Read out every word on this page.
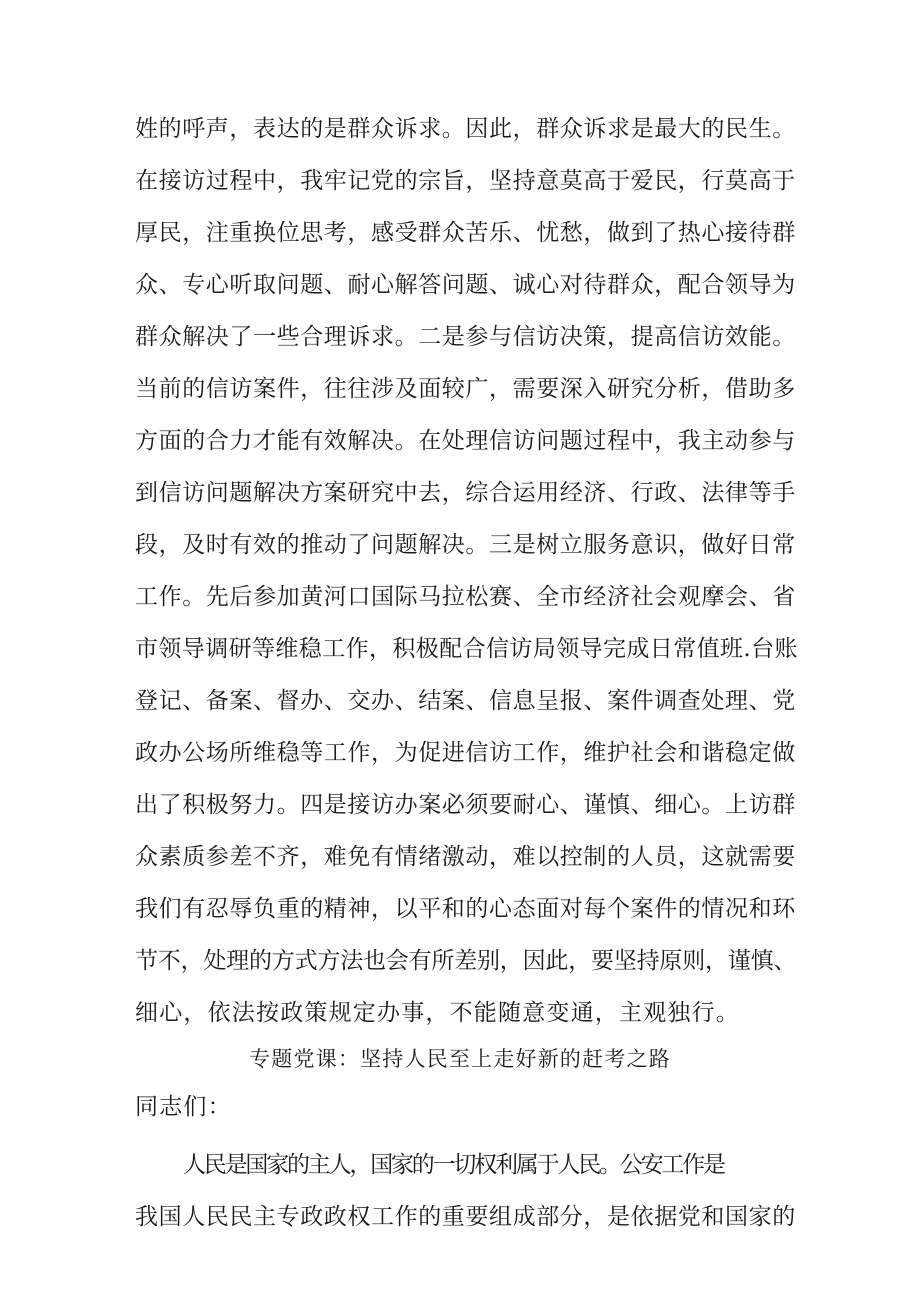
姓的呼声，表达的是群众诉求。因此，群众诉求是最大的民生。
在接访过程中，我牢记党的宗旨，坚持意莫高于爱民，行莫高于
厚民，注重换位思考，感受群众苦乐、忧愁，做到了热心接待群
众、专心听取问题、耐心解答问题、诚心对待群众，配合领导为
群众解决了一些合理诉求。二是参与信访决策，提高信访效能。
当前的信访案件，往往涉及面较广，需要深入研究分析，借助多
方面的合力才能有效解决。在处理信访问题过程中，我主动参与
到信访问题解决方案研究中去，综合运用经济、行政、法律等手
段，及时有效的推动了问题解决。三是树立服务意识，做好日常
工作。先后参加黄河口国际马拉松赛、全市经济社会观摩会、省
市领导调研等维稳工作，积极配合信访局领导完成日常值班.台账
登记、备案、督办、交办、结案、信息呈报、案件调查处理、党
政办公场所维稳等工作，为促进信访工作，维护社会和谐稳定做
出了积极努力。四是接访办案必须要耐心、谨慎、细心。上访群
众素质参差不齐，难免有情绪激动，难以控制的人员，这就需要
我们有忍辱负重的精神，以平和的心态面对每个案件的情况和环
节不，处理的方式方法也会有所差别，因此，要坚持原则，谨慎、
细心，依法按政策规定办事，不能随意变通，主观独行。
专题党课：坚持人民至上走好新的赶考之路
同志们：
人民是国家的主人，国家的一切权利属于人民。公安工作是
我国人民民主专政政权工作的重要组成部分，是依据党和国家的
